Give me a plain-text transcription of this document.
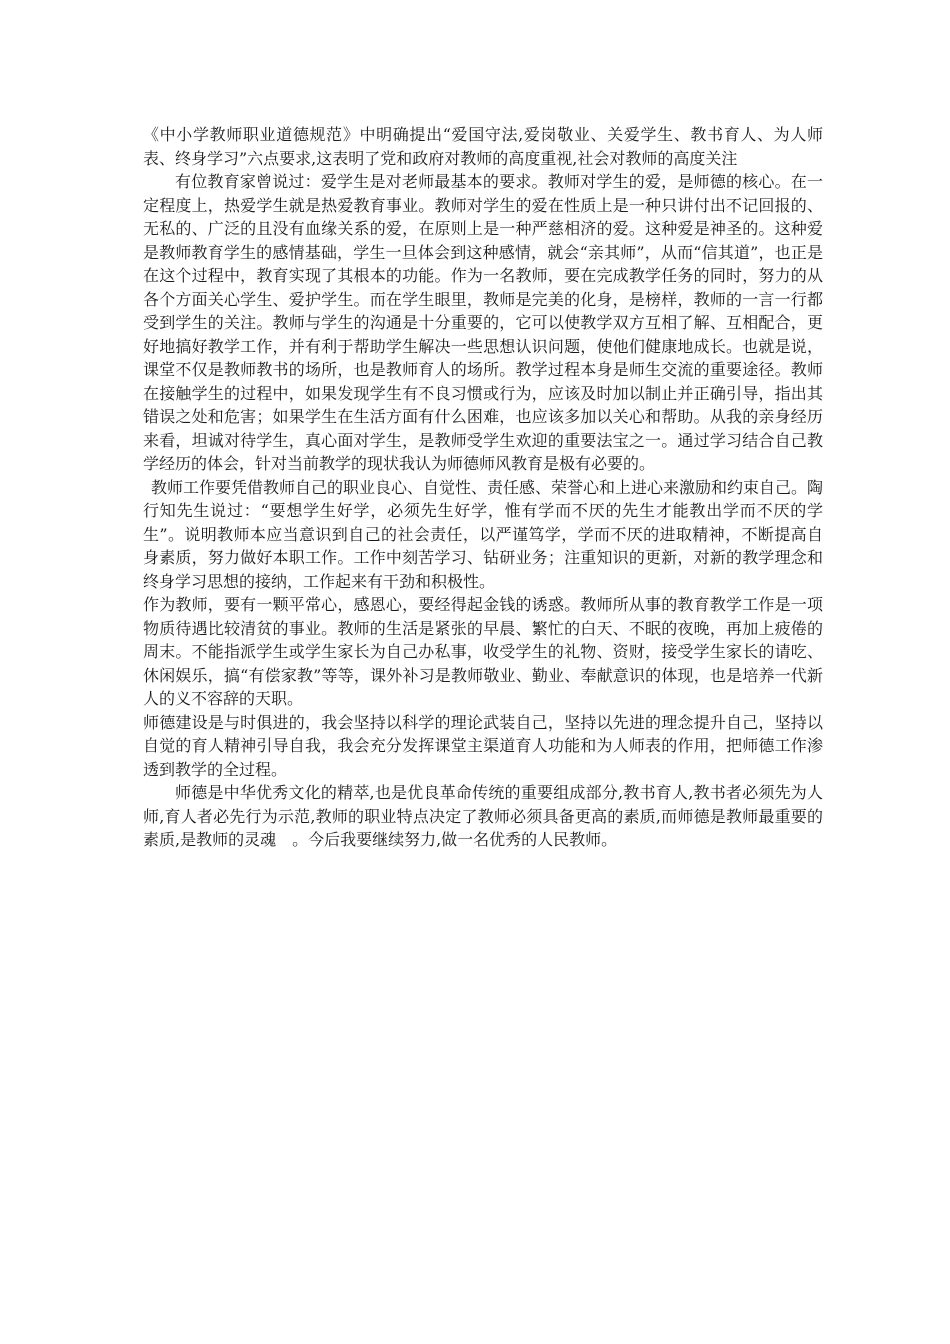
《中小学教师职业道德规范》中明确提出“爱国守法,爱岗敬业、关爱学生、教书育人、为人师表、终身学习”六点要求,这表明了党和政府对教师的高度重视,社会对教师的高度关注

有位教育家曾说过：爱学生是对老师最基本的要求。教师对学生的爱，是师德的核心。在一定程度上，热爱学生就是热爱教育事业。教师对学生的爱在性质上是一种只讲付出不记回报的、无私的、广泛的且没有血缘关系的爱，在原则上是一种严慈相济的爱。这种爱是神圣的。这种爱是教师教育学生的感情基础，学生一旦体会到这种感情，就会“亲其师”，从而“信其道”，也正是在这个过程中，教育实现了其根本的功能。作为一名教师，要在完成教学任务的同时，努力的从各个方面关心学生、爱护学生。而在学生眼里，教师是完美的化身，是榜样，教师的一言一行都受到学生的关注。教师与学生的沟通是十分重要的，它可以使教学双方互相了解、互相配合，更好地搞好教学工作，并有利于帮助学生解决一些思想认识问题，使他们健康地成长。也就是说，课堂不仅是教师教书的场所，也是教师育人的场所。教学过程本身是师生交流的重要途径。教师在接触学生的过程中，如果发现学生有不良习惯或行为，应该及时加以制止并正确引导，指出其错误之处和危害；如果学生在生活方面有什么困难，也应该多加以关心和帮助。从我的亲身经历来看，坦诚对待学生，真心面对学生，是教师受学生欢迎的重要法宝之一。通过学习结合自己教学经历的体会，针对当前教学的现状我认为师德师风教育是极有必要的。

教师工作要凭借教师自己的职业良心、自觉性、责任感、荣誉心和上进心来激励和约束自己。陶行知先生说过：“要想学生好学，必须先生好学，惟有学而不厌的先生才能教出学而不厌的学生”。说明教师本应当意识到自己的社会责任，以严谨笃学，学而不厌的进取精神，不断提高自身素质，努力做好本职工作。工作中刻苦学习、钻研业务；注重知识的更新，对新的教学理念和终身学习思想的接纳，工作起来有干劲和积极性。

作为教师，要有一颗平常心，感恩心，要经得起金钱的诱惑。教师所从事的教育教学工作是一项物质待遇比较清贫的事业。教师的生活是紧张的早晨、繁忙的白天、不眠的夜晚，再加上疲倦的周末。不能指派学生或学生家长为自己办私事，收受学生的礼物、资财，接受学生家长的请吃、休闲娱乐，搞“有偿家教”等等，课外补习是教师敬业、勤业、奉献意识的体现，也是培养一代新人的义不容辞的天职。

师德建设是与时俱进的，我会坚持以科学的理论武装自己，坚持以先进的理念提升自己，坚持以自觉的育人精神引导自我，我会充分发挥课堂主渠道育人功能和为人师表的作用，把师德工作渗透到教学的全过程。

师德是中华优秀文化的精萃,也是优良革命传统的重要组成部分,教书育人,教书者必须先为人师,育人者必先行为示范,教师的职业特点决定了教师必须具备更高的素质,而师德是教师最重要的素质,是教师的灵魂　。今后我要继续努力,做一名优秀的人民教师。
